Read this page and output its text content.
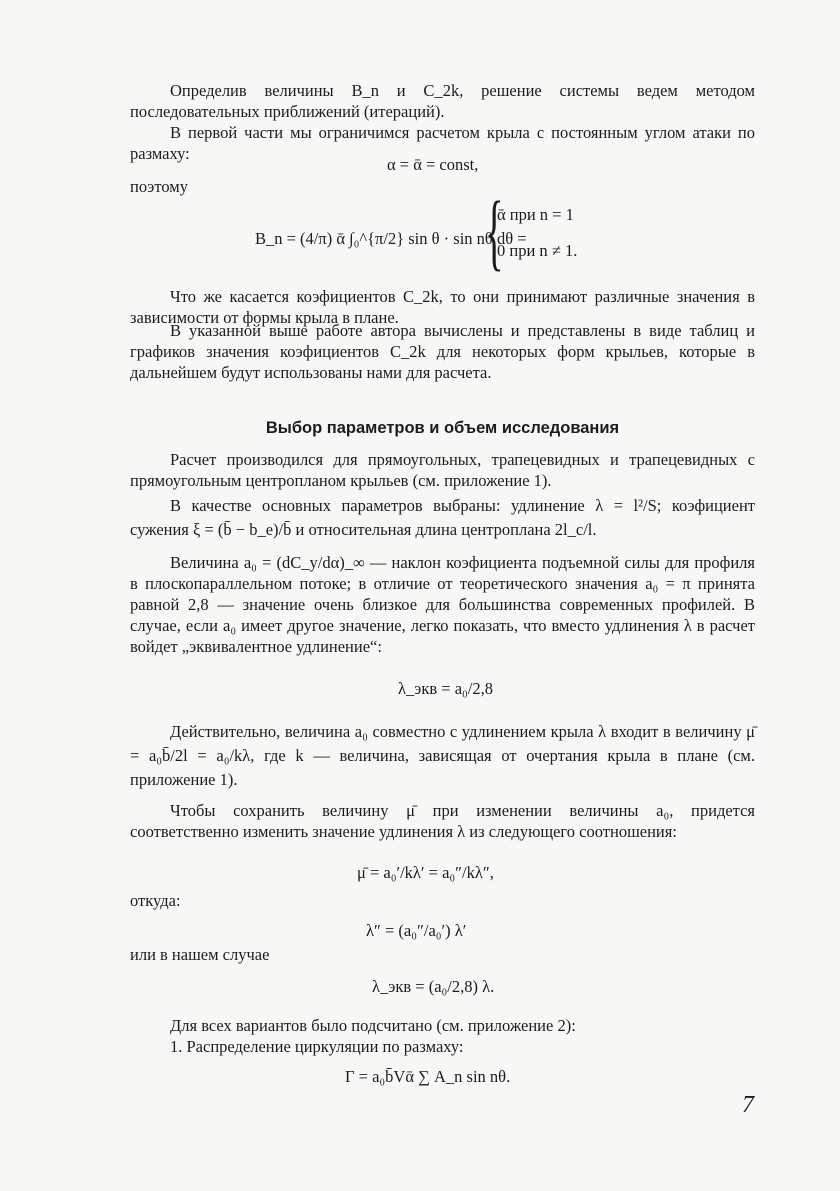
Определив величины B_n и C_2k, решение системы ведем методом последовательных приближений (итераций).
В первой части мы ограничимся расчетом крыла с постоянным углом атаки по размаху:
α = ᾱ = const,
поэтому
B_n = (4/π) ᾱ ∫₀^{π/2} sin θ · sin nθ dθ =
{
ᾱ при n = 1
0 при n ≠ 1.
Что же касается коэфициентов C_2k, то они принимают различные значения в зависимости от формы крыла в плане.
В указанной выше работе автора вычислены и представлены в виде таблиц и графиков значения коэфициентов C_2k для некоторых форм крыльев, которые в дальнейшем будут использованы нами для расчета.
Выбор параметров и объем исследования
Расчет производился для прямоугольных, трапецевидных и трапецевидных с прямоугольным центропланом крыльев (см. приложение 1).
В качестве основных параметров выбраны: удлинение λ = l²/S; коэфициент сужения ξ = (b̄ − b_e)/b̄ и относительная длина центроплана 2l_c/l.
Величина a₀ = (dC_y/dα)_∞ — наклон коэфициента подъемной силы для профиля в плоскопараллельном потоке; в отличие от теоретического значения a₀ = π принята равной 2,8 — значение очень близкое для большинства современных профилей. В случае, если a₀ имеет другое значение, легко показать, что вместо удлинения λ в расчет войдет „эквивалентное удлинение“:
λ_экв = a₀/2,8
Действительно, величина a₀ совместно с удлинением крыла λ входит в величину μ̄ = a₀b̄/2l = a₀/kλ, где k — величина, зависящая от очертания крыла в плане (см. приложение 1).
Чтобы сохранить величину μ̄ при изменении величины a₀, придется соответственно изменить значение удлинения λ из следующего соотношения:
μ̄ = a₀′/kλ′ = a₀″/kλ″,
откуда:
λ″ = (a₀″/a₀′) λ′
или в нашем случае
λ_экв = (a₀/2,8) λ.
Для всех вариантов было подсчитано (см. приложение 2):
1. Распределение циркуляции по размаху:
Γ = a₀b̄Vᾱ ∑ A_n sin nθ.
7
